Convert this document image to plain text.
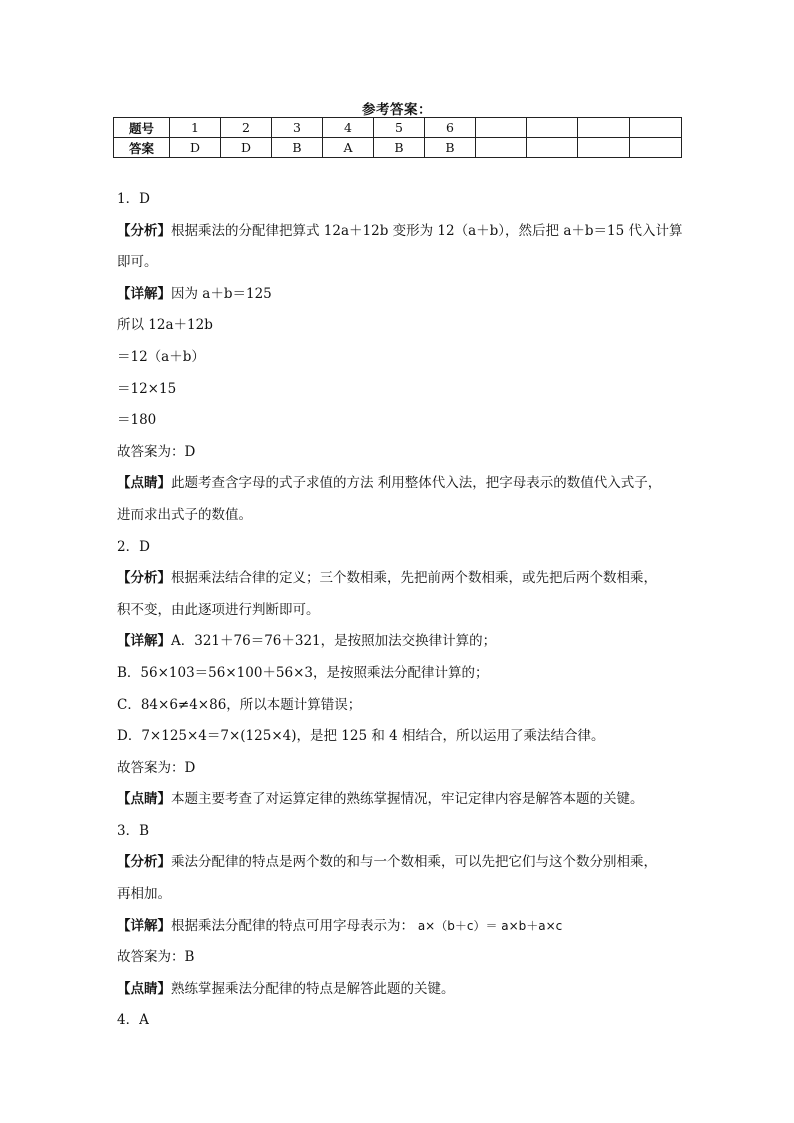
参考答案：
题号	1	2	3	4	5	6				
答案	D	D	B	A	B	B				
1．D
【分析】根据乘法的分配律把算式 12a＋12b 变形为 12（a＋b），然后把 a＋b＝15 代入计算
即可。
【详解】因为 a＋b＝125
所以 12a＋12b
＝12（a＋b）
＝12×15
＝180
故答案为：D
【点睛】此题考查含字母的式子求值的方法 利用整体代入法，把字母表示的数值代入式子，
进而求出式子的数值。
2．D
【分析】根据乘法结合律的定义；三个数相乘，先把前两个数相乘，或先把后两个数相乘，
积不变，由此逐项进行判断即可。
【详解】A．321＋76＝76＋321，是按照加法交换律计算的；
B．56×103＝56×100＋56×3，是按照乘法分配律计算的；
C．84×6≠4×86，所以本题计算错误；
D．7×125×4＝7×(125×4)，是把 125 和 4 相结合，所以运用了乘法结合律。
故答案为：D
【点睛】本题主要考查了对运算定律的熟练掌握情况，牢记定律内容是解答本题的关键。
3．B
【分析】乘法分配律的特点是两个数的和与一个数相乘，可以先把它们与这个数分别相乘，
再相加。
【详解】根据乘法分配律的特点可用字母表示为： a×（b＋c）＝ a×b＋a×c
故答案为：B
【点睛】熟练掌握乘法分配律的特点是解答此题的关键。
4．A
